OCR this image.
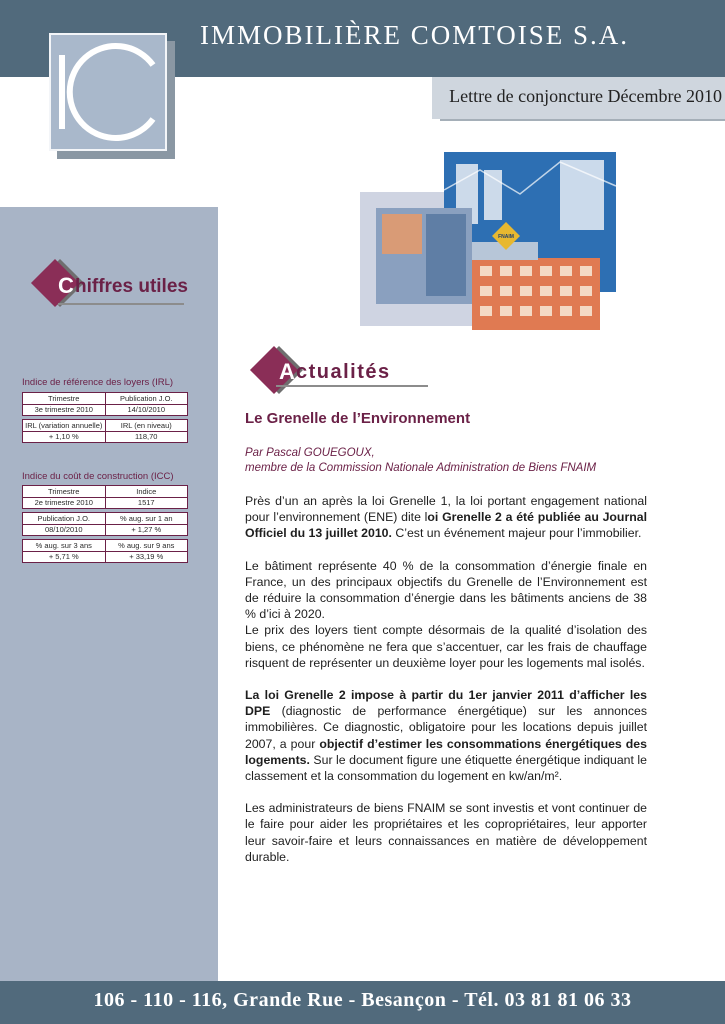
IMMOBILIÈRE COMTOISE S.A.
IC	Lettre de conjoncture Décembre 2010
C hiffres utiles
Indice de référence des loyers (IRL)
Trimestre	Publication J.O.
3e trimestre 2010	14/10/2010

IRL (variation annuelle)	IRL (en niveau)
+ 1,10 %	118,70
Indice du coût de construction (ICC)
Trimestre	Indice
2e trimestre 2010	1517

Publication J.O.	% aug. sur 1 an
08/10/2010	+ 1,27 %

% aug. sur 3 ans	% aug. sur 9 ans
+ 5,71 %	+ 33,19 %
FNAIM
A ctualités
Le Grenelle de l’Environnement
Par Pascal GOUEGOUX,
membre de la Commission Nationale Administration de Biens FNAIM

Près d’un an après la loi Grenelle 1, la loi portant engagement national pour l’environnement (ENE) dite loi Grenelle 2 a été publiée au Journal Officiel du 13 juillet 2010. C’est un événement majeur pour l’immobilier.

Le bâtiment représente 40 % de la consommation d’énergie finale en France, un des principaux objectifs du Grenelle de l’Environnement est de réduire la consommation d’énergie dans les bâtiments anciens de 38 % d’ici à 2020.

Le prix des loyers tient compte désormais de la qualité d’isolation des biens, ce phénomène ne fera que s’accentuer, car les frais de chauffage risquent de représenter un deuxième loyer pour les logements mal isolés.

La loi Grenelle 2 impose à partir du 1er janvier 2011 d’afficher les DPE (diagnostic de performance énergétique) sur les annonces immobilières. Ce diagnostic, obligatoire pour les locations depuis juillet 2007, a pour objectif d’estimer les consommations énergétiques des logements. Sur le document figure une étiquette énergétique indiquant le classement et la consommation du logement en kw/an/m².

Les administrateurs de biens FNAIM se sont investis et vont continuer de le faire pour aider les propriétaires et les copropriétaires, leur apporter leur savoir-faire et leurs connaissances en matière de développement durable.

106 - 110 - 116, Grande Rue - Besançon - Tél. 03 81 81 06 33
